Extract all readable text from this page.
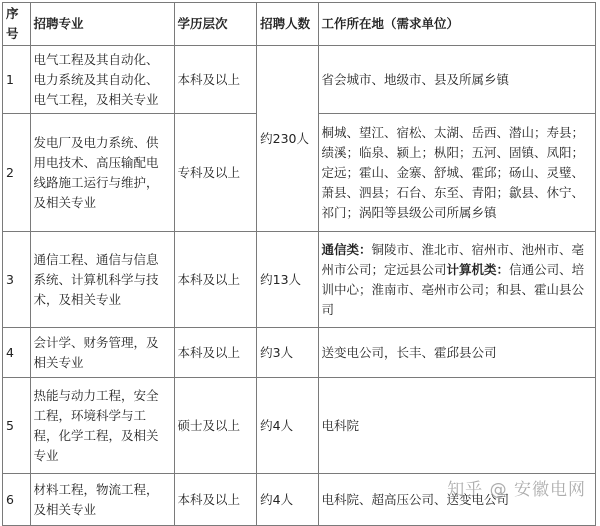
序号	招聘专业	学历层次	招聘人数	工作所在地（需求单位）
1	电气工程及其自动化、电力系统及其自动化、电气工程，及相关专业	本科及以上	约230人	省会城市、地级市、县及所属乡镇
2	发电厂及电力系统、供用电技术、高压输配电线路施工运行与维护，及相关专业	专科及以上		桐城、望江、宿松、太湖、岳西、潜山；寿县；绩溪；临泉、颍上；枞阳；五河、固镇、凤阳；定远；霍山、金寨、舒城、霍邱；砀山、灵璧、萧县、泗县；石台、东至、青阳；歙县、休宁、祁门；涡阳等县级公司所属乡镇
3	通信工程、通信与信息系统、计算机科学与技术，及相关专业	本科及以上	约13人	通信类：铜陵市、淮北市、宿州市、池州市、亳州市公司；定远县公司计算机类：信通公司、培训中心；淮南市、亳州市公司；和县、霍山县公司
4	会计学、财务管理，及相关专业	本科及以上	约3人	送变电公司，长丰、霍邱县公司
5	热能与动力工程，安全工程，环境科学与工程，化学工程，及相关专业	硕士及以上	约4人	电科院
6	材料工程，物流工程，及相关专业	本科及以上	约4人	电科院、超高压公司、送变电公司
知乎 @ 安徽电网
